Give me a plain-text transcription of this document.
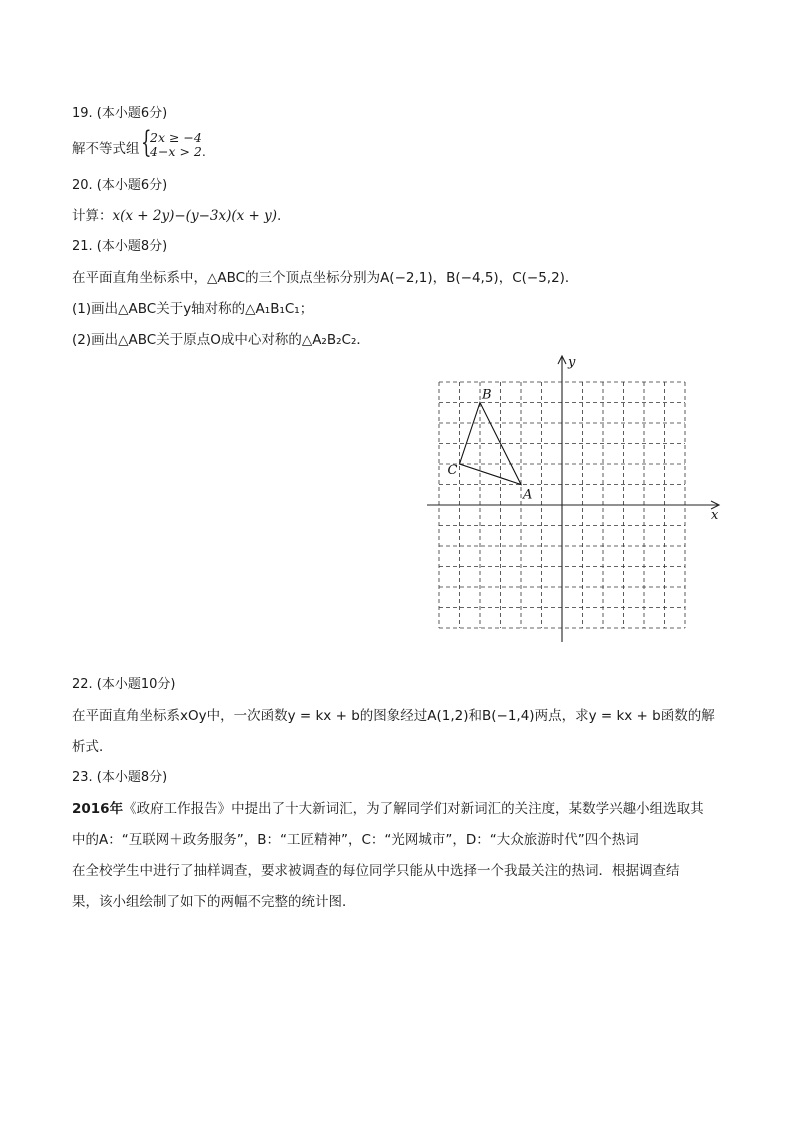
19. (本小题6分)
解不等式组 {
2x ≥ −4
4−x > 2.
20. (本小题6分)
计算：x(x + 2y)−(y−3x)(x + y).
21. (本小题8分)
在平面直角坐标系中，△ABC的三个顶点坐标分别为A(−2,1)，B(−4,5)，C(−5,2)．
(1)画出△ABC关于y轴对称的△A₁B₁C₁；
(2)画出△ABC关于原点O成中心对称的△A₂B₂C₂．
x
y
A
B
C
22. (本小题10分)
在平面直角坐标系xOy中，一次函数y = kx + b的图象经过A(1,2)和B(−1,4)两点，求y = kx + b函数的解
析式．
23. (本小题8分)
2016年《政府工作报告》中提出了十大新词汇，为了解同学们对新词汇的关注度，某数学兴趣小组选取其
中的A：“互联网＋政务服务”，B：“工匠精神”，C：“光网城市”，D：“大众旅游时代”四个热词
在全校学生中进行了抽样调查，要求被调查的每位同学只能从中选择一个我最关注的热词．根据调查结
果，该小组绘制了如下的两幅不完整的统计图．
